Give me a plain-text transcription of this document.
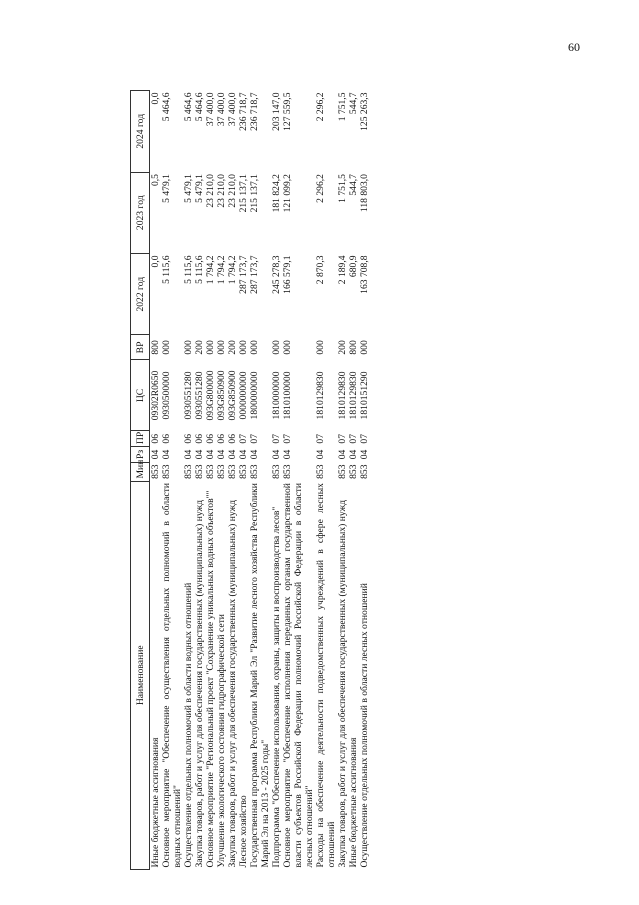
60
Наименование	Мин	Рз	ПР	ЦС	ВР	2022 год	2023 год	2024 год
Иные бюджетные ассигнования	853	04	06	09302R0650	800	0,0	0,5	0,0
Основное мероприятие "Обеспечение осуществления отдельных полномочий в области водных отношений"	853	04	06	0930500000	000	5 115,6	5 479,1	5 464,6
Осуществление отдельных полномочий в области водных отношений	853	04	06	0930551280	000	5 115,6	5 479,1	5 464,6
Закупка товаров, работ и услуг для обеспечения государственных (муниципальных) нужд	853	04	06	0930551280	200	5 115,6	5 479,1	5 464,6
Основное мероприятие "Региональный проект "Сохранение уникальных водных объектов""	853	04	06	093G800000	000	1 794,2	23 210,0	37 400,0
Улучшение экологического состояния гидрографической сети	853	04	06	093G850900	000	1 794,2	23 210,0	37 400,0
Закупка товаров, работ и услуг для обеспечения государственных (муниципальных) нужд	853	04	06	093G850900	200	1 794,2	23 210,0	37 400,0
Лесное хозяйство	853	04	07	0000000000	000	287 173,7	215 137,1	236 718,7
Государственная программа Республики Марий Эл "Развитие лесного хозяйства Республики Марий Эл на 2013 - 2025 годы"	853	04	07	1800000000	000	287 173,7	215 137,1	236 718,7
Подпрограмма "Обеспечение использования, охраны, защиты и воспроизводства лесов"	853	04	07	1810000000	000	245 278,3	181 824,2	203 147,0
Основное мероприятие "Обеспечение исполнения переданных органам государственной власти субъектов Российской Федерации полномочий Российской Федерации в области лесных отношений"	853	04	07	1810100000	000	166 579,1	121 099,2	127 559,5
Расходы на обеспечение деятельности подведомственных учреждений в сфере лесных отношений	853	04	07	1810129830	000	2 870,3	2 296,2	2 296,2
Закупка товаров, работ и услуг для обеспечения государственных (муниципальных) нужд	853	04	07	1810129830	200	2 189,4	1 751,5	1 751,5
Иные бюджетные ассигнования	853	04	07	1810129830	800	680,9	544,7	544,7
Осуществление отдельных полномочий в области лесных отношений	853	04	07	1810151290	000	163 708,8	118 803,0	125 263,3
